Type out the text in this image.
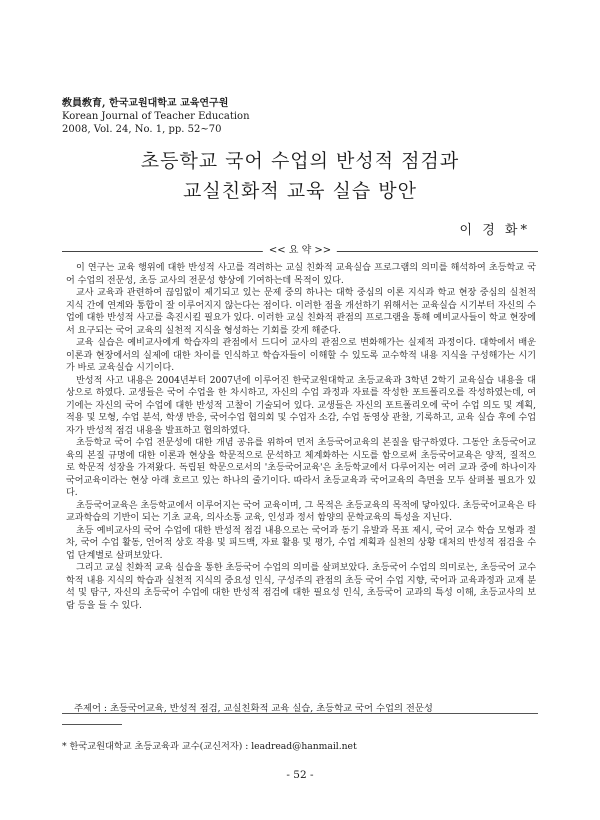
敎員敎育, 한국교원대학교 교육연구원
Korean Journal of Teacher Education
2008, Vol. 24, No. 1, pp. 52~70
초등학교 국어 수업의 반성적 점검과
교실친화적 교육 실습 방안
이 경 화*
<< 요 약 >>

이 연구는 교육 행위에 대한 반성적 사고를 격려하는 교실 친화적 교육실습 프로그램의 의미를 해석하여 초등학교 국어 수업의 전문성, 초등 교사의 전문성 향상에 기여하는데 목적이 있다.

교사 교육과 관련하여 끊임없이 제기되고 있는 문제 중의 하나는 대학 중심의 이론 지식과 학교 현장 중심의 실천적 지식 간에 연계와 통합이 잘 이루어지지 않는다는 점이다. 이러한 점을 개선하기 위해서는 교육실습 시기부터 자신의 수업에 대한 반성적 사고를 촉진시킬 필요가 있다. 이러한 교실 친화적 관점의 프로그램을 통해 예비교사들이 학교 현장에서 요구되는 국어 교육의 실천적 지식을 형성하는 기회를 갖게 해준다.

교육 실습은 예비교사에게 학습자의 관점에서 드디어 교사의 관점으로 변화해가는 실제적 과정이다. 대학에서 배운 이론과 현장에서의 실제에 대한 차이를 인식하고 학습자들이 이해할 수 있도록 교수학적 내용 지식을 구성해가는 시기가 바로 교육실습 시기이다.

반성적 사고 내용은 2004년부터 2007년에 이루어진 한국교원대학교 초등교육과 3학년 2학기 교육실습 내용을 대상으로 하였다. 교생들은 국어 수업을 한 차시하고, 자신의 수업 과정과 자료를 작성한 포트폴리오를 작성하였는데, 여기에는 자신의 국어 수업에 대한 반성적 고찰이 기술되어 있다. 교생들은 자신의 포트폴리오에 국어 수업 의도 및 계획, 적용 및 모형, 수업 분석, 학생 반응, 국어수업 협의회 및 수업자 소감, 수업 동영상 관찰, 기록하고, 교육 실습 후에 수업자가 반성적 점검 내용을 발표하고 협의하였다.

초등학교 국어 수업 전문성에 대한 개념 공유를 위하여 먼저 초등국어교육의 본질을 탐구하였다. 그동안 초등국어교육의 본질 규명에 대한 이론과 현상을 학문적으로 문석하고 체계화하는 시도를 함으로써 초등국어교육은 양적, 질적으로 학문적 성장을 가져왔다. 독립된 학문으로서의 '초등국어교육'은 초등학교에서 다루어지는 여러 교과 중에 하나이자 국어교육이라는 현상 아래 흐르고 있는 하나의 줄기이다. 따라서 초등교육과 국어교육의 측면을 모두 살펴볼 필요가 있다.

초등국어교육은 초등학교에서 이루어지는 국어 교육이며, 그 목적은 초등교육의 목적에 닿아있다. 초등국어교육은 타교과학습의 기반이 되는 기초 교육, 의사소통 교육, 인성과 정서 함양의 문학교육의 특성을 지닌다.

초등 예비교사의 국어 수업에 대한 반성적 점검 내용으로는 국어과 동기 유발과 목표 제시, 국어 교수 학습 모형과 절차, 국어 수업 활동, 언어적 상호 작용 및 피드백, 자료 활용 및 평가, 수업 계획과 실천의 상황 대처의 반성적 점검을 수업 단계별로 살펴보았다.

그리고 교실 친화적 교육 실습을 통한 초등국어 수업의 의미를 살펴보았다. 초등국어 수업의 의미로는, 초등국어 교수학적 내용 지식의 학습과 실천적 지식의 중요성 인식, 구성주의 관점의 초등 국어 수업 지향, 국어과 교육과정과 교재 분석 및 탐구, 자신의 초등국어 수업에 대한 반성적 점검에 대한 필요성 인식, 초등국어 교과의 특성 이해, 초등교사의 보람 등을 들 수 있다.

주제어 : 초등국어교육, 반성적 점검, 교실친화적 교육 실습, 초등학교 국어 수업의 전문성
* 한국교원대학교 초등교육과 교수(교신저자) : leadread@hanmail.net
- 52 -
